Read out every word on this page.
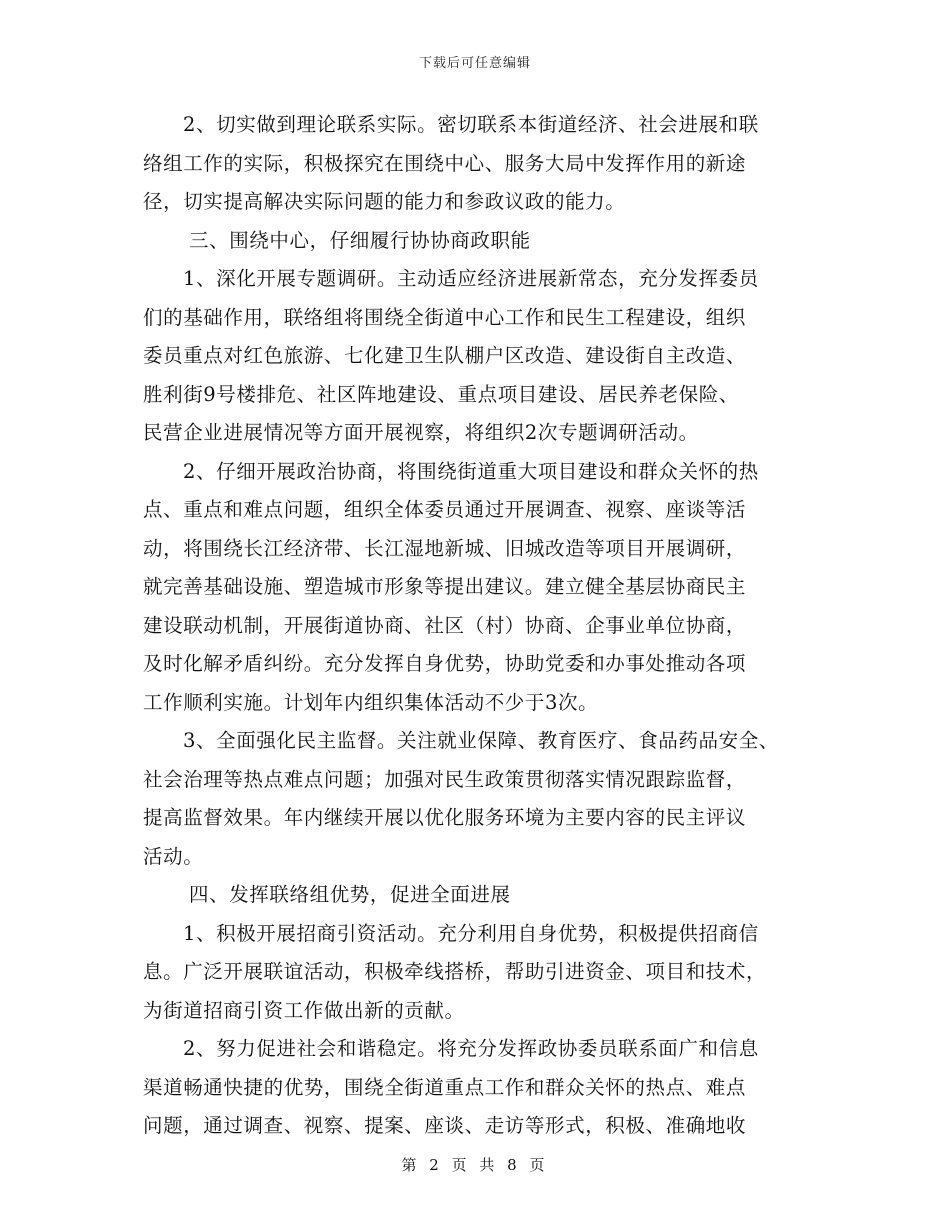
下载后可任意编辑
2、切实做到理论联系实际。密切联系本街道经济、社会进展和联
络组工作的实际，积极探究在围绕中心、服务大局中发挥作用的新途
径，切实提高解决实际问题的能力和参政议政的能力。
三、围绕中心，仔细履行协协商政职能
1、深化开展专题调研。主动适应经济进展新常态，充分发挥委员
们的基础作用，联络组将围绕全街道中心工作和民生工程建设，组织
委员重点对红色旅游、七化建卫生队棚户区改造、建设街自主改造、
胜利街9号楼排危、社区阵地建设、重点项目建设、居民养老保险、
民营企业进展情况等方面开展视察，将组织2次专题调研活动。
2、仔细开展政治协商，将围绕街道重大项目建设和群众关怀的热
点、重点和难点问题，组织全体委员通过开展调查、视察、座谈等活
动，将围绕长江经济带、长江湿地新城、旧城改造等项目开展调研，
就完善基础设施、塑造城市形象等提出建议。建立健全基层协商民主
建设联动机制，开展街道协商、社区（村）协商、企事业单位协商，
及时化解矛盾纠纷。充分发挥自身优势，协助党委和办事处推动各项
工作顺利实施。计划年内组织集体活动不少于3次。
3、全面强化民主监督。关注就业保障、教育医疗、食品药品安全、
社会治理等热点难点问题；加强对民生政策贯彻落实情况跟踪监督，
提高监督效果。年内继续开展以优化服务环境为主要内容的民主评议
活动。
四、发挥联络组优势，促进全面进展
1、积极开展招商引资活动。充分利用自身优势，积极提供招商信
息。广泛开展联谊活动，积极牵线搭桥，帮助引进资金、项目和技术，
为街道招商引资工作做出新的贡献。
2、努力促进社会和谐稳定。将充分发挥政协委员联系面广和信息
渠道畅通快捷的优势，围绕全街道重点工作和群众关怀的热点、难点
问题，通过调查、视察、提案、座谈、走访等形式，积极、准确地收
第 2 页 共 8 页
